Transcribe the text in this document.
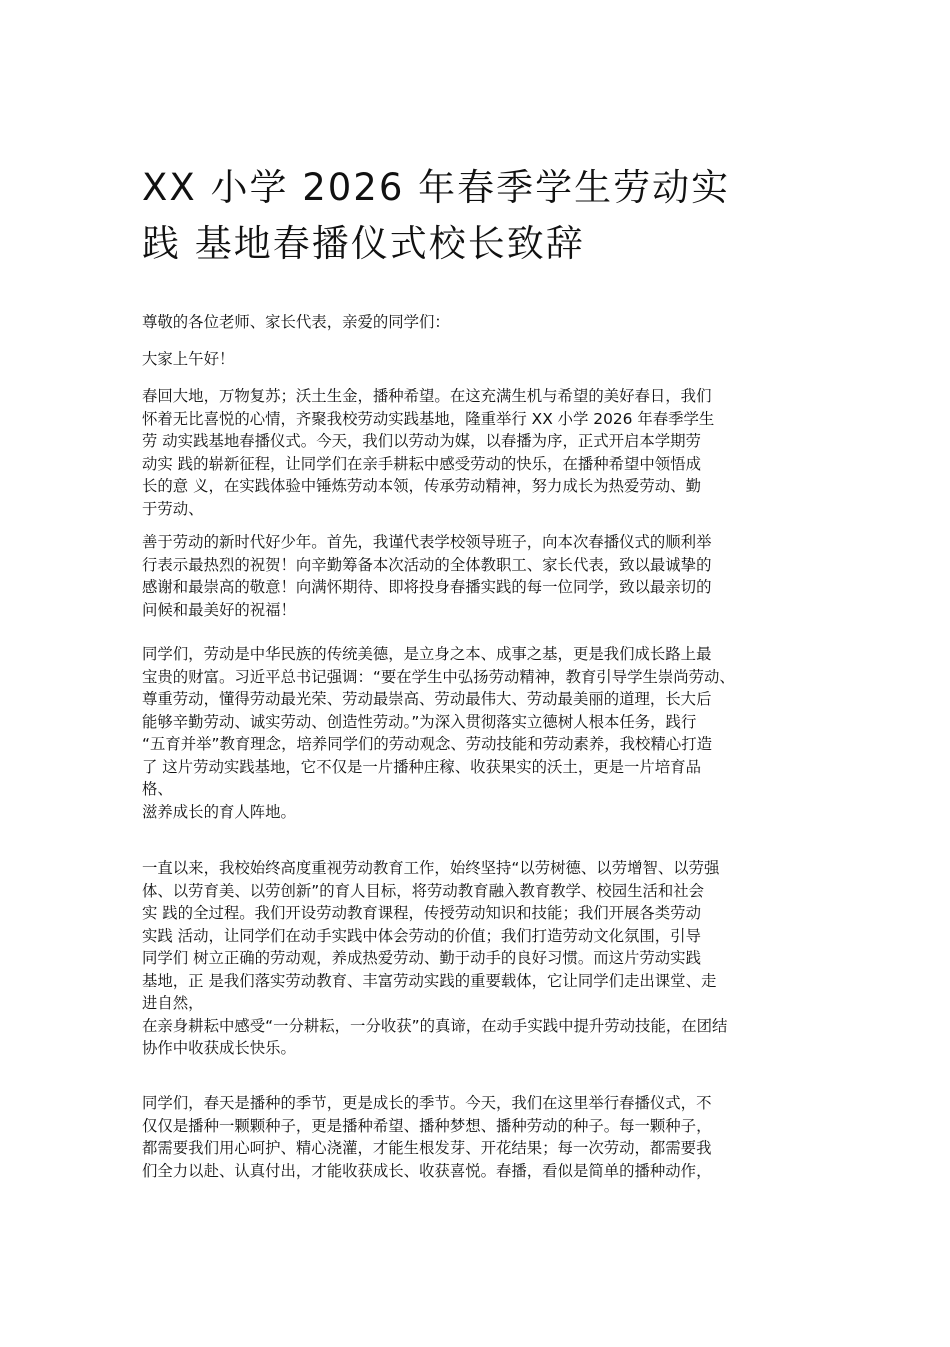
XX 小学 2026 年春季学生劳动实
践 基地春播仪式校长致辞

尊敬的各位老师、家长代表，亲爱的同学们：

大家上午好！

春回大地，万物复苏；沃土生金，播种希望。在这充满生机与希望的美好春日，我们
怀着无比喜悦的心情，齐聚我校劳动实践基地，隆重举行 XX 小学 2026 年春季学生
劳 动实践基地春播仪式。今天，我们以劳动为媒，以春播为序，正式开启本学期劳
动实 践的崭新征程，让同学们在亲手耕耘中感受劳动的快乐，在播种希望中领悟成
长的意 义，在实践体验中锤炼劳动本领，传承劳动精神，努力成长为热爱劳动、勤
于劳动、

善于劳动的新时代好少年。首先，我谨代表学校领导班子，向本次春播仪式的顺利举
行表示最热烈的祝贺！向辛勤筹备本次活动的全体教职工、家长代表，致以最诚挚的
感谢和最崇高的敬意！向满怀期待、即将投身春播实践的每一位同学，致以最亲切的
问候和最美好的祝福！

同学们，劳动是中华民族的传统美德，是立身之本、成事之基，更是我们成长路上最
宝贵的财富。习近平总书记强调：“要在学生中弘扬劳动精神，教育引导学生崇尚劳动、
尊重劳动，懂得劳动最光荣、劳动最崇高、劳动最伟大、劳动最美丽的道理，长大后
能够辛勤劳动、诚实劳动、创造性劳动。”为深入贯彻落实立德树人根本任务，践行
“五育并举”教育理念，培养同学们的劳动观念、劳动技能和劳动素养，我校精心打造
了 这片劳动实践基地，它不仅是一片播种庄稼、收获果实的沃土，更是一片培育品
格、
滋养成长的育人阵地。

一直以来，我校始终高度重视劳动教育工作，始终坚持“以劳树德、以劳增智、以劳强
体、以劳育美、以劳创新”的育人目标，将劳动教育融入教育教学、校园生活和社会
实 践的全过程。我们开设劳动教育课程，传授劳动知识和技能；我们开展各类劳动
实践 活动，让同学们在动手实践中体会劳动的价值；我们打造劳动文化氛围，引导
同学们 树立正确的劳动观，养成热爱劳动、勤于动手的良好习惯。而这片劳动实践
基地，正 是我们落实劳动教育、丰富劳动实践的重要载体，它让同学们走出课堂、走
进自然，
在亲身耕耘中感受“一分耕耘，一分收获”的真谛，在动手实践中提升劳动技能，在团结
协作中收获成长快乐。

同学们，春天是播种的季节，更是成长的季节。今天，我们在这里举行春播仪式，不
仅仅是播种一颗颗种子，更是播种希望、播种梦想、播种劳动的种子。每一颗种子，
都需要我们用心呵护、精心浇灌，才能生根发芽、开花结果；每一次劳动，都需要我
们全力以赴、认真付出，才能收获成长、收获喜悦。春播，看似是简单的播种动作，
